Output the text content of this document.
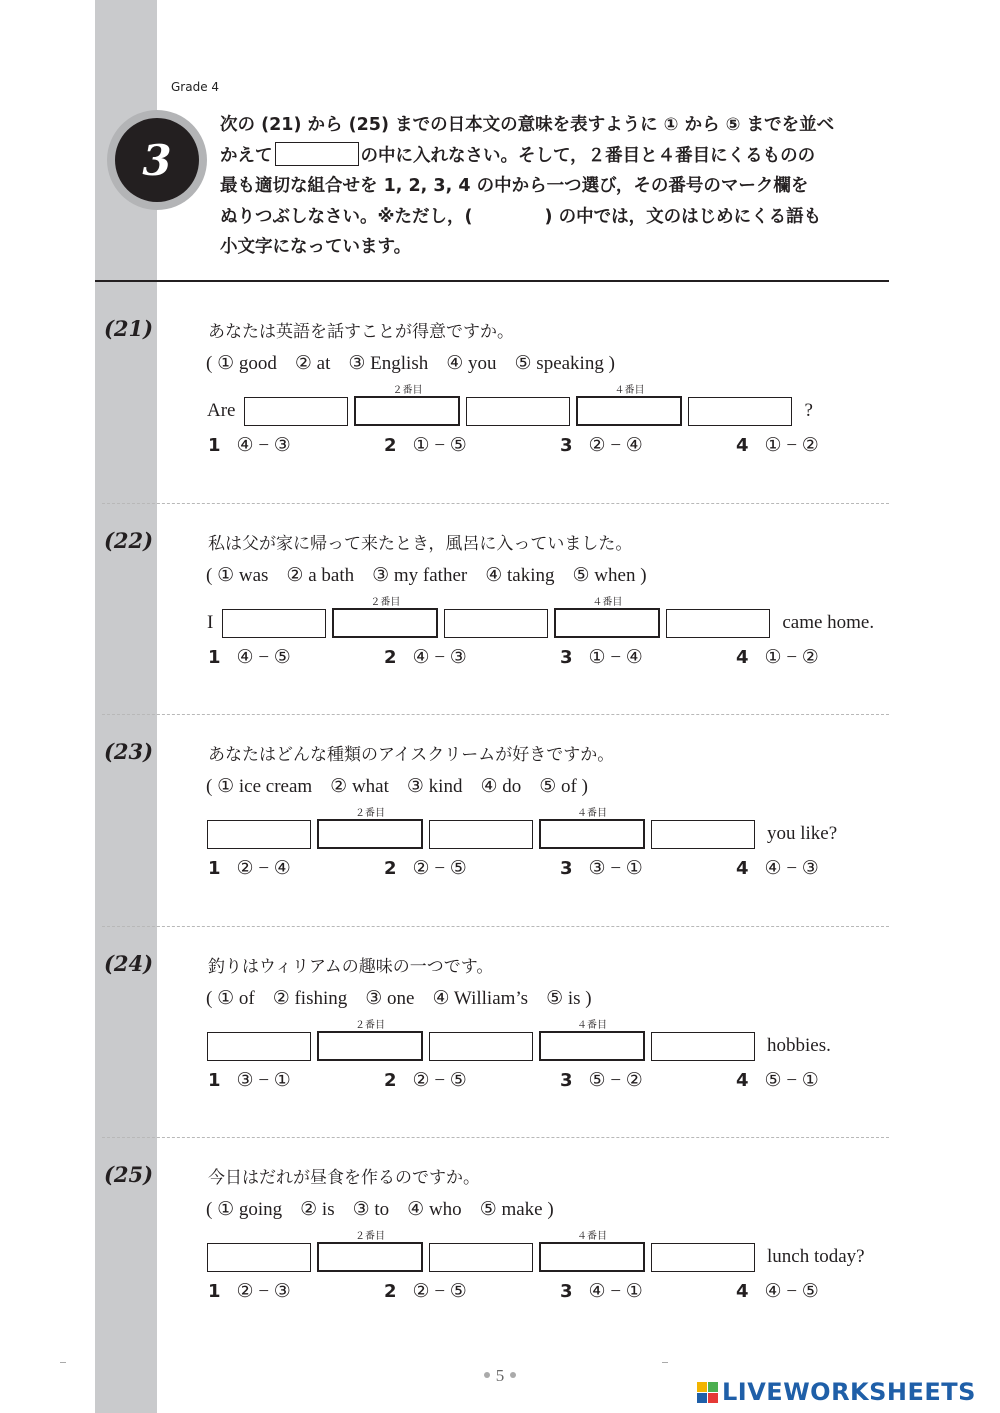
Grade 4
3
次の (21) から (25) までの日本文の意味を表すように ① から ⑤ までを並べ
かえて	の中に入れなさい。そして，２番目と４番目にくるものの
最も適切な組合せを 1, 2, 3, 4 の中から一つ選び，その番号のマーク欄を
ぬりつぶしなさい。※ただし，(	) の中では，文のはじめにくる語も
小文字になっています。
(21)	あなたは英語を話すことが得意ですか。
( ① good ② at ③ English ④ you ⑤ speaking )
Are
２番目	４番目
?
1 ④ − ③	2 ① − ⑤	3 ② − ④	4 ① − ②
(22)	私は父が家に帰って来たとき，風呂に入っていました。
( ① was ② a bath ③ my father ④ taking ⑤ when )
I
２番目	４番目
came home.
1 ④ − ⑤	2 ④ − ③	3 ① − ④	4 ① − ②
(23)	あなたはどんな種類のアイスクリームが好きですか。
( ① ice cream ② what ③ kind ④ do ⑤ of )
２番目	４番目
you like?
1 ② − ④	2 ② − ⑤	3 ③ − ①	4 ④ − ③
(24)	釣りはウィリアムの趣味の一つです。
( ① of ② fishing ③ one ④ William’s ⑤ is )
２番目	４番目
hobbies.
1 ③ − ①	2 ② − ⑤	3 ⑤ − ②	4 ⑤ − ①
(25)	今日はだれが昼食を作るのですか。
( ① going ② is ③ to ④ who ⑤ make )
２番目	４番目
lunch today?
1 ② − ③	2 ② − ⑤	3 ④ − ①	4 ④ − ⑤
5
LIVEWORKSHEETS
